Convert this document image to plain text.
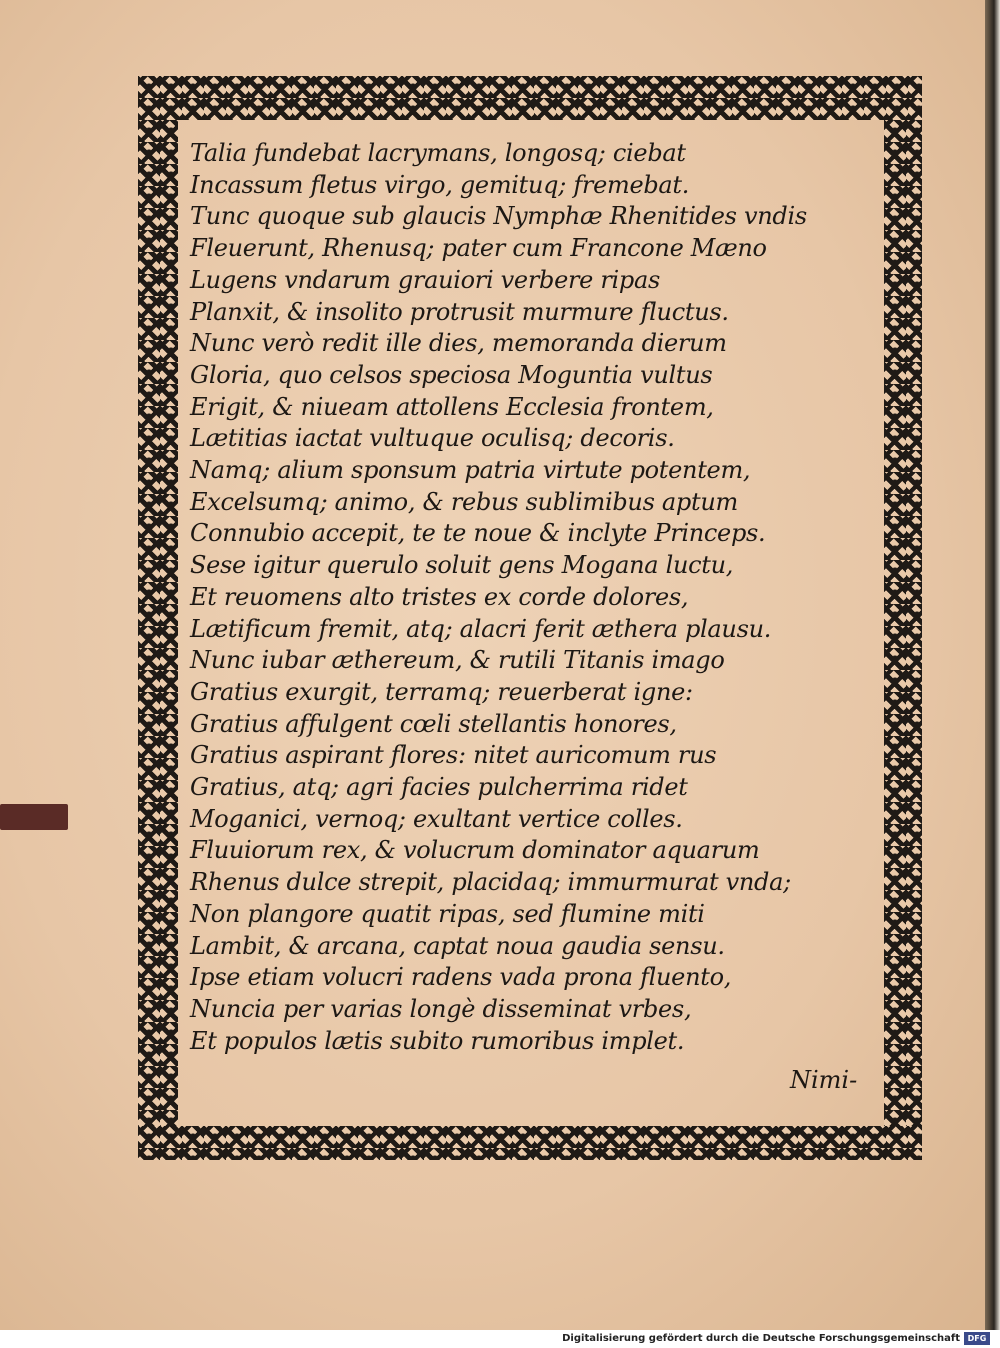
Talia fundebat lacrymans, longosq; ciebat

Incassum fletus virgo, gemituq; fremebat.

Tunc quoque sub glaucis Nymphæ Rhenitides vndis

Fleuerunt, Rhenusq; pater cum Francone Mæno

Lugens vndarum grauiori verbere ripas

Planxit, & insolito protrusit murmure fluctus.

Nunc verò redit ille dies, memoranda dierum

Gloria, quo celsos speciosa Moguntia vultus

Erigit, & niueam attollens Ecclesia frontem,

Lætitias iactat vultuque oculisq; decoris.

Namq; alium sponsum patria virtute potentem,

Excelsumq; animo, & rebus sublimibus aptum

Connubio accepit, te te noue & inclyte Princeps.

Sese igitur querulo soluit gens Mogana luctu,

Et reuomens alto tristes ex corde dolores,

Lætificum fremit, atq; alacri ferit æthera plausu.

Nunc iubar æthereum, & rutili Titanis imago

Gratius exurgit, terramq; reuerberat igne:

Gratius affulgent cœli stellantis honores,

Gratius aspirant flores: nitet auricomum rus

Gratius, atq; agri facies pulcherrima ridet

Moganici, vernoq; exultant vertice colles.

Fluuiorum rex, & volucrum dominator aquarum

Rhenus dulce strepit, placidaq; immurmurat vnda;

Non plangore quatit ripas, sed flumine miti

Lambit, & arcana, captat noua gaudia sensu.

Ipse etiam volucri radens vada prona fluento,

Nuncia per varias longè disseminat vrbes,

Et populos lætis subito rumoribus implet.

Nimi-
Digitalisierung gefördert durch die Deutsche Forschungsgemeinschaft DFG
